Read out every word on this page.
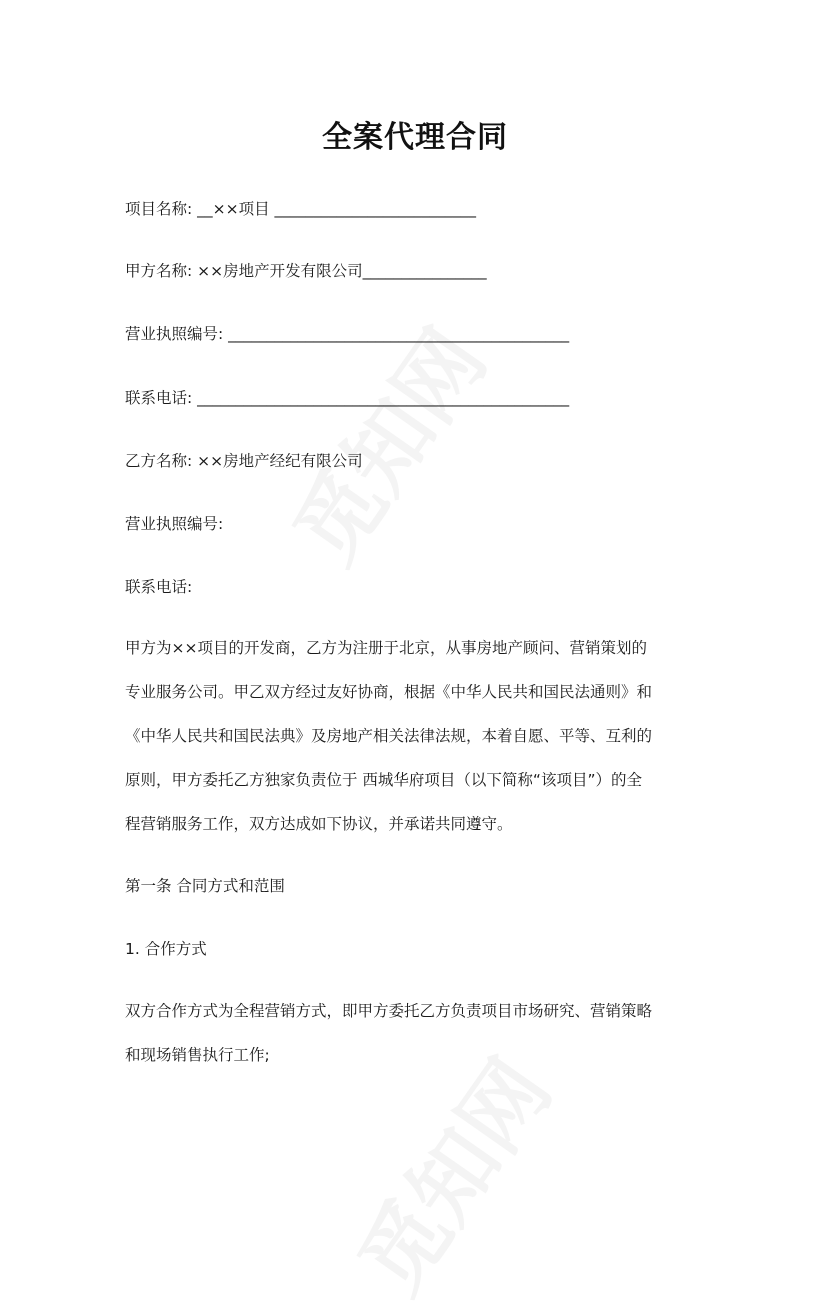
全案代理合同
项目名称: __××项目 __________________________
甲方名称: ××房地产开发有限公司________________
营业执照编号: ____________________________________________
联系电话: ________________________________________________
乙方名称: ××房地产经纪有限公司
营业执照编号:
联系电话:
甲方为××项目的开发商，乙方为注册于北京，从事房地产顾问、营销策划的
专业服务公司。甲乙双方经过友好协商，根据《中华人民共和国民法通则》和
《中华人民共和国民法典》及房地产相关法律法规，本着自愿、平等、互利的
原则，甲方委托乙方独家负责位于 西城华府项目（以下简称“该项目”）的全
程营销服务工作，双方达成如下协议，并承诺共同遵守。
第一条 合同方式和范围
1. 合作方式
双方合作方式为全程营销方式，即甲方委托乙方负责项目市场研究、营销策略
和现场销售执行工作;
